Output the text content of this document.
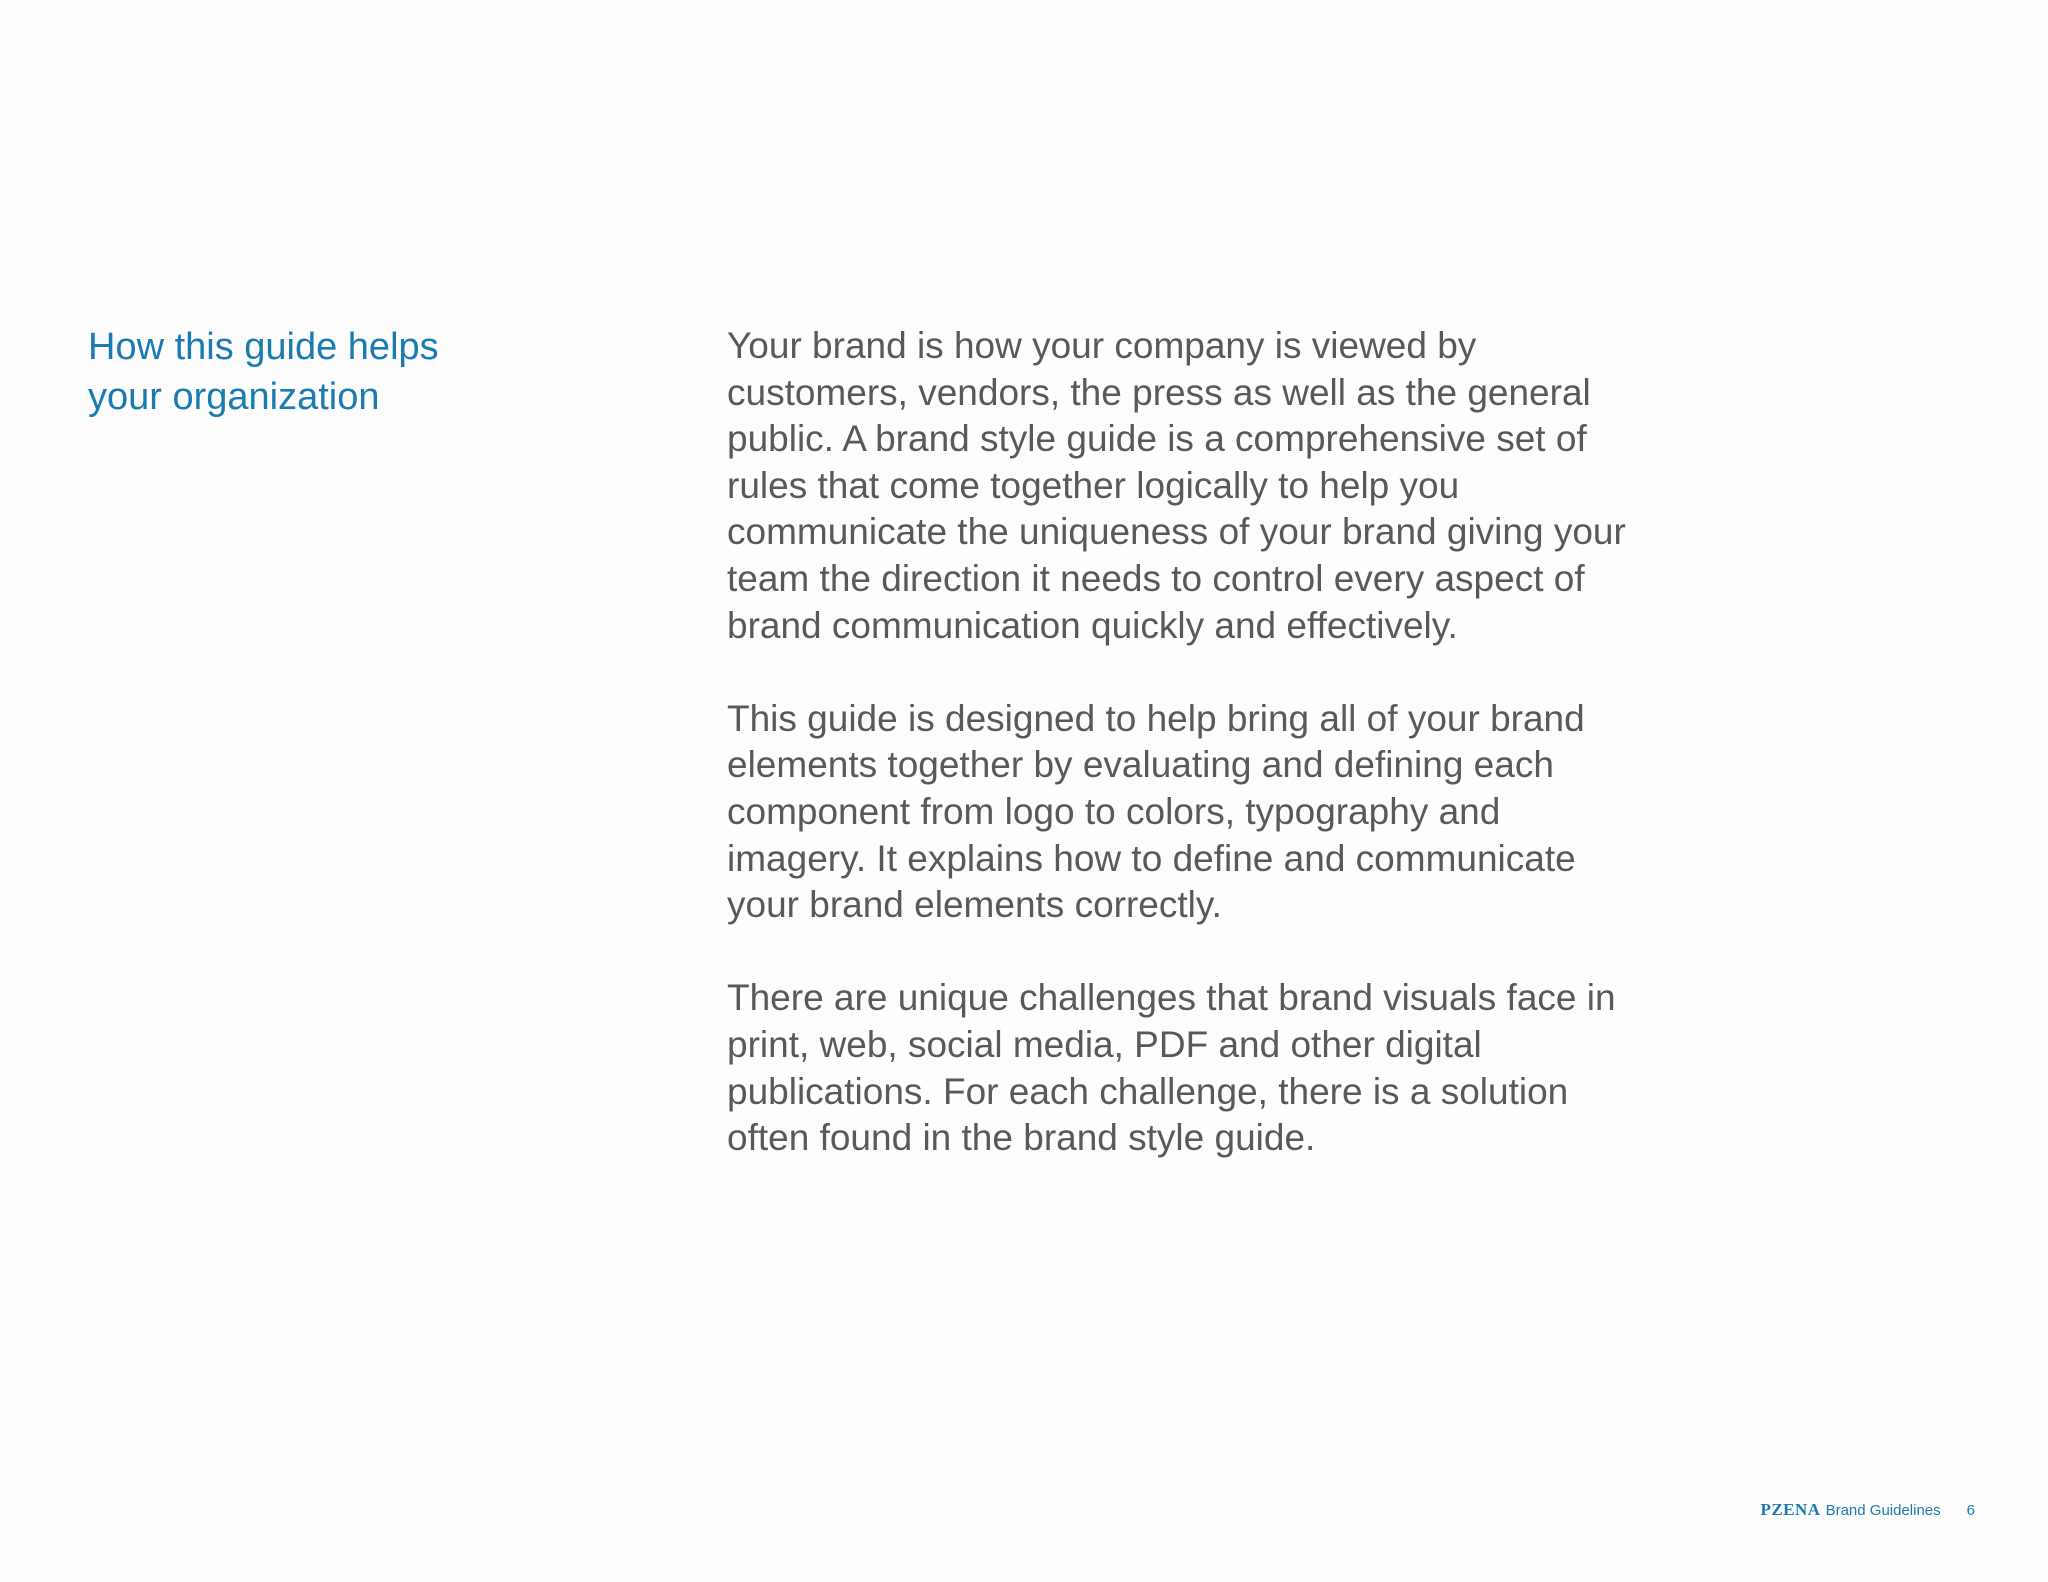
How this guide helps
your organization

Your brand is how your company is viewed by
customers, vendors, the press as well as the general
public. A brand style guide is a comprehensive set of
rules that come together logically to help you
communicate the uniqueness of your brand giving your
team the direction it needs to control every aspect of
brand communication quickly and effectively.

This guide is designed to help bring all of your brand
elements together by evaluating and defining each
component from logo to colors, typography and
imagery. It explains how to define and communicate
your brand elements correctly.

There are unique challenges that brand visuals face in
print, web, social media, PDF and other digital
publications. For each challenge, there is a solution
often found in the brand style guide.

PZENA Brand Guidelines 6
